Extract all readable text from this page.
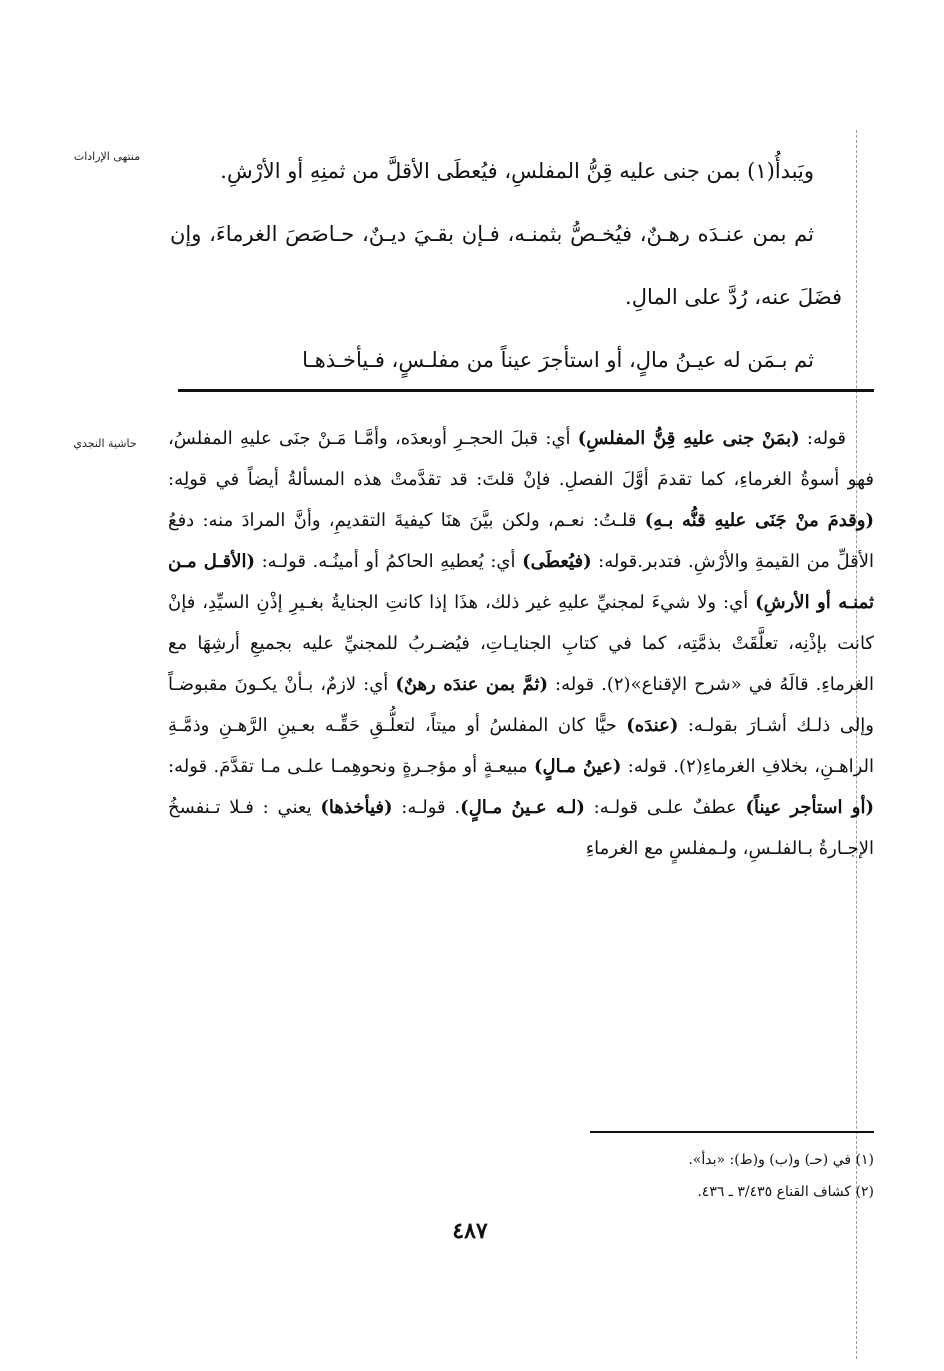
منتهى الإرادات
حاشية النجدي

ويَبدأُ(١) بمن جنى عليه قِنُّ المفلسِ، فيُعطَى الأقلَّ من ثمنِهِ أو الأرْشِ.

ثم بمن عنـدَه رهـنٌ، فيُخـصُّ بثمنـه، فـإن بقـيَ ديـنٌ، حـاصَصَ الغرماءَ، وإن فضَلَ عنه، رُدَّ على المالِ.

ثم بـمَن له عيـنُ مالٍ، أو استأجرَ عيناً من مفلـسٍ، فـيأخـذهـا

قوله: (بمَنْ جنى عليهِ قِنُّ المفلسِ) أي: قبلَ الحجـرِ أوبعدَه، وأمَّـا مَـنْ جنَى عليهِ المفلسُ، فهو أسوةُ الغرماءِ، كما تقدمَ أوَّلَ الفصلِ. فإنْ قلتَ: قد تقدَّمتْ هذه المسألةُ أيضاً في قولِه: (وقدمَ منْ جَنَى عليهِ قنُّه بـهِ) قلـتُ: نعـم، ولكن بيَّنَ هنَا كيفيةَ التقديمِ، وأنَّ المرادَ منه: دفعُ الأقلِّ من القيمةِ والأرْشِ. فتدبر.قوله: (فيُعطَى) أي: يُعطيهِ الحاكمُ أو أمينُـه. قولـه: (الأقـل مـن ثمنـه أو الأرشِ) أي: ولا شيءَ لمجنيِّ عليهِ غير ذلك، هذَا إذا كانتِ الجنايةُ بغـيرِ إذْنِ السيِّدِ، فإنْ كانت بإذْنِه، تعلَّقَتْ بذمَّتِه، كما في كتابِ الجنايـاتِ، فيُضـربُ للمجنيِّ عليه بجميعِ أرشِهَا مع الغرماءِ. قالَهُ في «شرح الإقناع»(٢). قوله: (ثمَّ بمن عندَه رهنٌ) أي: لازمٌ، بـأنْ يكـونَ مقبوضـاً وإلى ذلـك أشـارَ بقولـه: (عندَه) حيًّا كان المفلسُ أو ميتاً، لتعلُّـقِ حَقِّـه بعـينِ الرَّهـنِ وذمَّـةِ الراهـنِ، بخلافِ الغرماءِ(٢). قوله: (عينُ مـالٍ) مبيعـةٍ أو مؤجـرةٍ ونحوهِمـا علـى مـا تقدَّمَ. قوله: (أو استأجر عيناً) عطفٌ علـى قولـه: (لـه عـينُ مـالٍ). قولـه: (فيأخذها) يعني : فـلا تـنفسخُ الإجـارةُ بـالفلـسِ، ولـمفلسٍ مع الغرماءِ

(١) في (حـ) و(ب) و(ط): «بدأ».
(٢) كشاف القناع ٣/٤٣٥ ـ ٤٣٦.
٤٨٧
